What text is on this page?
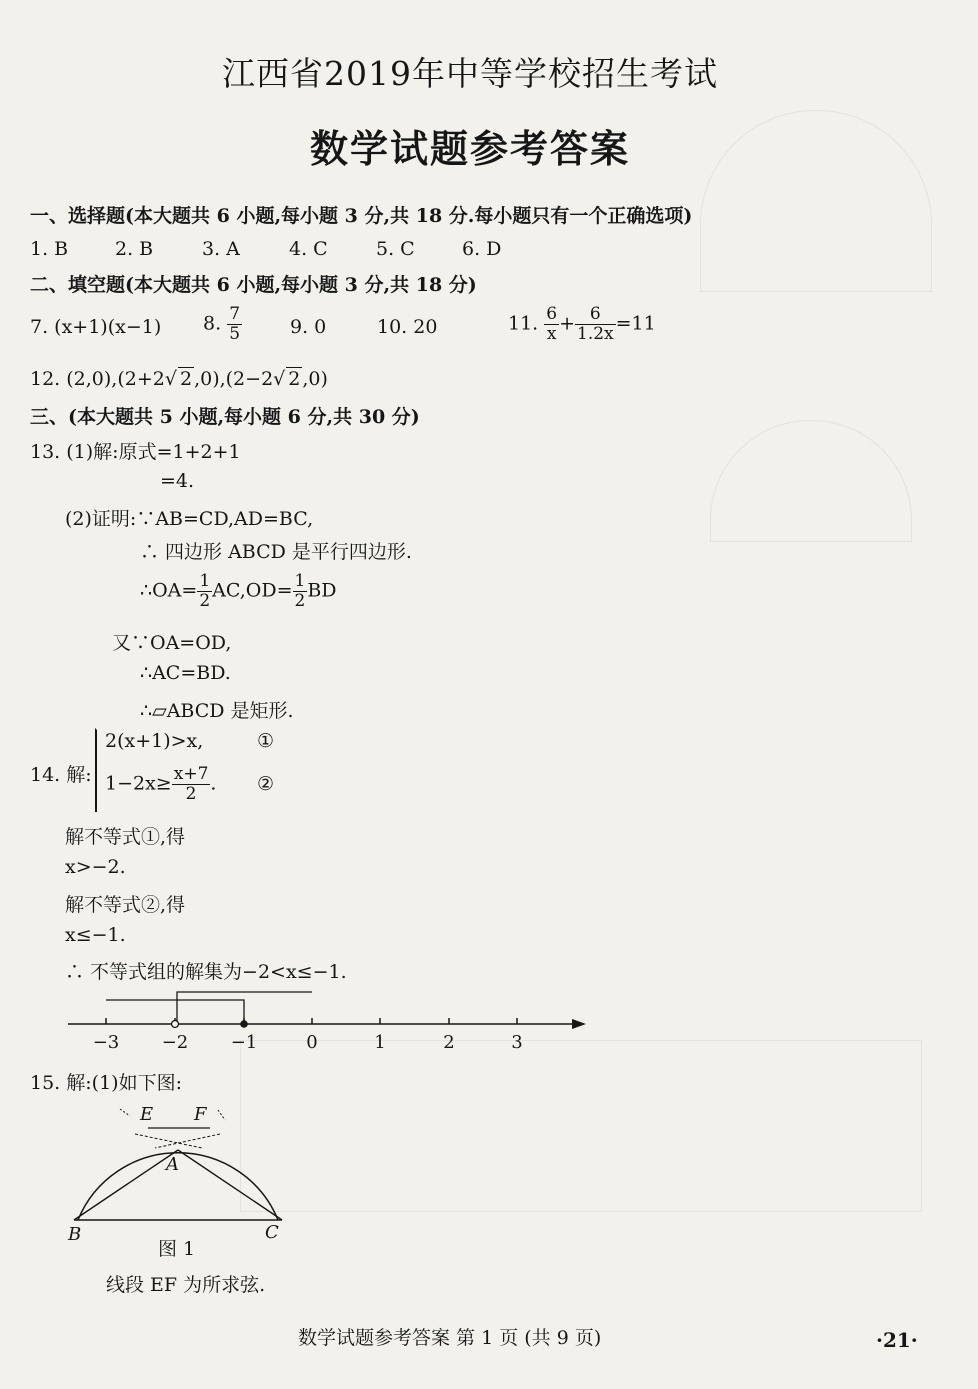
江西省2019年中等学校招生考试
数学试题参考答案
一、选择题(本大题共 6 小题,每小题 3 分,共 18 分.每小题只有一个正确选项)
1. B 2. B	3. A	4. C	5. C 6. D
二、填空题(本大题共 6 小题,每小题 3 分,共 18 分)
7. (x+1)(x−1) 8. $\frac{7}{5}$	9. 0	10. 20	11. $\frac{6}{x} + \frac{6}{1.2x} =11$
12. (2,0),(2+2√ 2 ,0),(2−2√ 2 ,0)
三、(本大题共 5 小题,每小题 6 分,共 30 分)
13. (1)解:原式=1+2+1
=4.
(2)证明:∵AB=CD,AD=BC,
∴ 四边形 ABCD 是平行四边形.
∴OA= $\frac{1}{2} AC,OD= \frac{1}{2}$ BD
又∵OA=OD,
∴AC=BD.
∴▱ABCD 是矩形.
14. 解:
2(x+1)>x,	①
$1-2x\ge \frac{x+7}{2}$ . ②
解不等式①,得
x>−2.
解不等式②,得
x≤−1.
∴ 不等式组的解集为−2<x≤−1.
−3 −2 −1	0	1	2	3
15. 解:(1)如下图:
E F
A
B	C
图 1
线段 EF 为所求弦.
数学试题参考答案 第 1 页 (共 9 页)	·21·
